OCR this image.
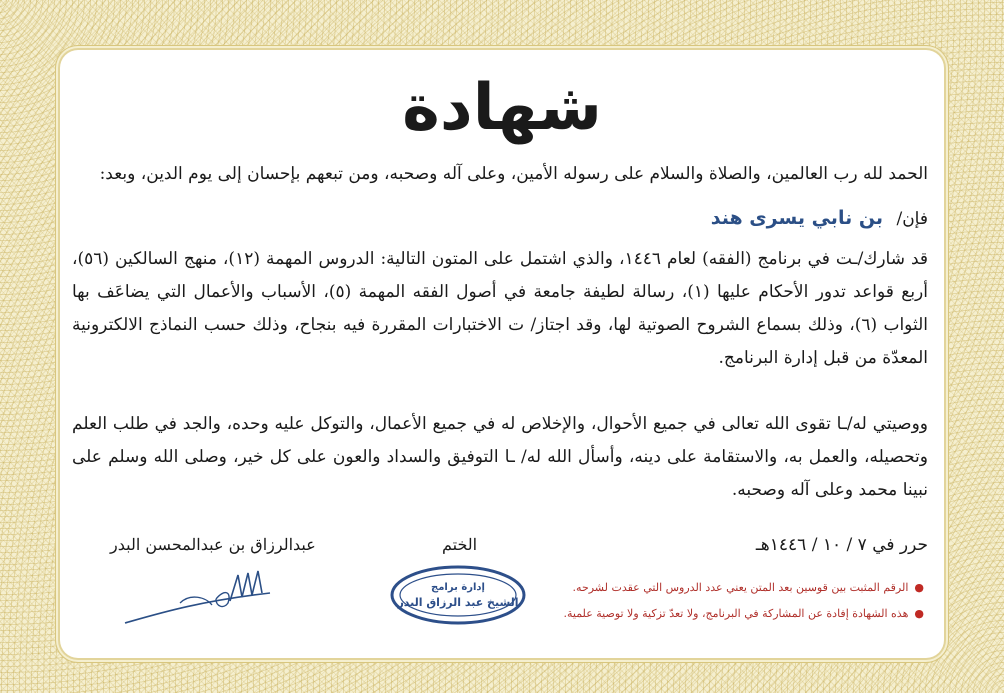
شهادة
الحمد لله رب العالمين، والصلاة والسلام على رسوله الأمين، وعلى آله وصحبه، ومن تبعهم بإحسان إلى يوم الدين، وبعد:
فإن/ بن نابي يسرى هند
قد شارك/ـت في برنامج (الفقه) لعام ١٤٤٦، والذي اشتمل على المتون التالية: الدروس المهمة (١٢)، منهج السالكين (٥٦)، أربع قواعد تدور الأحكام عليها (١)، رسالة لطيفة جامعة في أصول الفقه المهمة (٥)، الأسباب والأعمال التي يضاعَف بها الثواب (٦)، وذلك بسماع الشروح الصوتية لها، وقد اجتاز/ ت الاختبارات المقررة فيه بنجاح، وذلك حسب النماذج الالكترونية المعدّة من قبل إدارة البرنامج.
ووصيتي له/ـا تقوى الله تعالى في جميع الأحوال، والإخلاص له في جميع الأعمال، والتوكل عليه وحده، والجد في طلب العلم وتحصيله، والعمل به، والاستقامة على دينه، وأسأل الله له/ ـا التوفيق والسداد والعون على كل خير، وصلى الله وسلم على نبينا محمد وعلى آله وصحبه.
حرر في ٧ / ١٠ / ١٤٤٦هـ
الختم
عبدالرزاق بن عبدالمحسن البدر
●الرقم المثبت بين قوسين بعد المتن يعني عدد الدروس التي عقدت لشرحه.
●هذه الشهادة إفادة عن المشاركة في البرنامج، ولا تعدّ تزكية ولا توصية علمية.
إدارة برامج
الشيخ عبد الرزاق البدر
